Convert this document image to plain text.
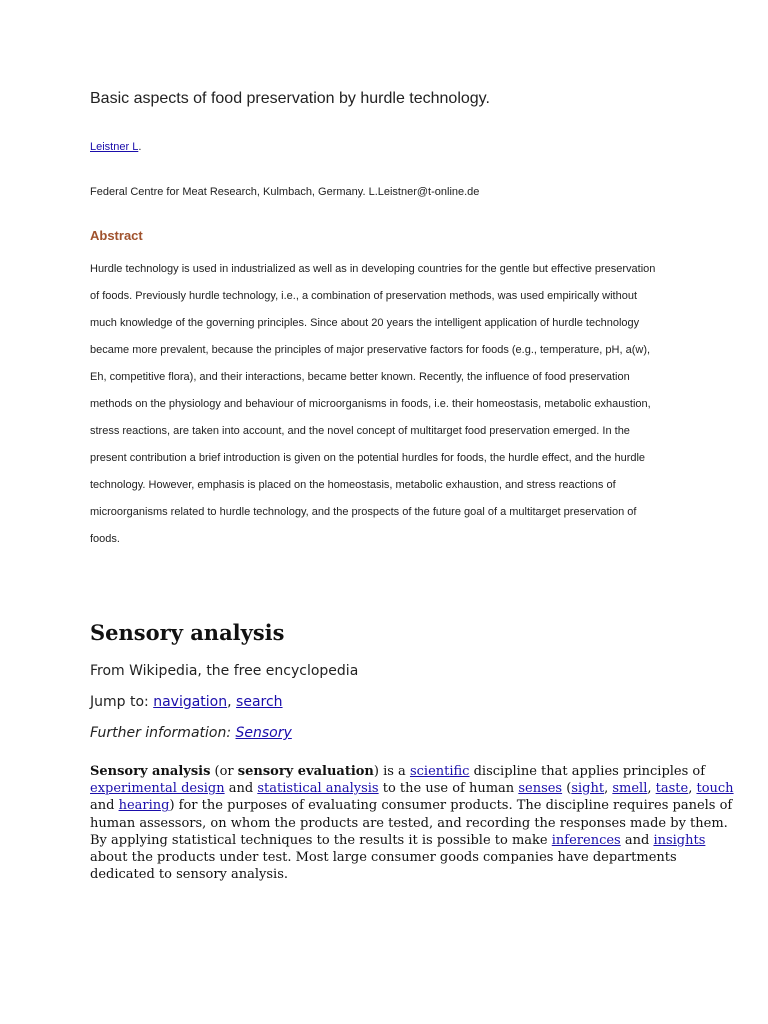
Basic aspects of food preservation by hurdle technology.
Leistner L.
Federal Centre for Meat Research, Kulmbach, Germany. L.Leistner@t-online.de
Abstract
Hurdle technology is used in industrialized as well as in developing countries for the gentle but effective preservation
of foods. Previously hurdle technology, i.e., a combination of preservation methods, was used empirically without
much knowledge of the governing principles. Since about 20 years the intelligent application of hurdle technology
became more prevalent, because the principles of major preservative factors for foods (e.g., temperature, pH, a(w),
Eh, competitive flora), and their interactions, became better known. Recently, the influence of food preservation
methods on the physiology and behaviour of microorganisms in foods, i.e. their homeostasis, metabolic exhaustion,
stress reactions, are taken into account, and the novel concept of multitarget food preservation emerged. In the
present contribution a brief introduction is given on the potential hurdles for foods, the hurdle effect, and the hurdle
technology. However, emphasis is placed on the homeostasis, metabolic exhaustion, and stress reactions of
microorganisms related to hurdle technology, and the prospects of the future goal of a multitarget preservation of
foods.
Sensory analysis
From Wikipedia, the free encyclopedia
Jump to: navigation, search
Further information: Sensory
Sensory analysis (or sensory evaluation) is a scientific discipline that applies principles of
experimental design and statistical analysis to the use of human senses (sight, smell, taste, touch
and hearing) for the purposes of evaluating consumer products. The discipline requires panels of
human assessors, on whom the products are tested, and recording the responses made by them.
By applying statistical techniques to the results it is possible to make inferences and insights
about the products under test. Most large consumer goods companies have departments
dedicated to sensory analysis.
